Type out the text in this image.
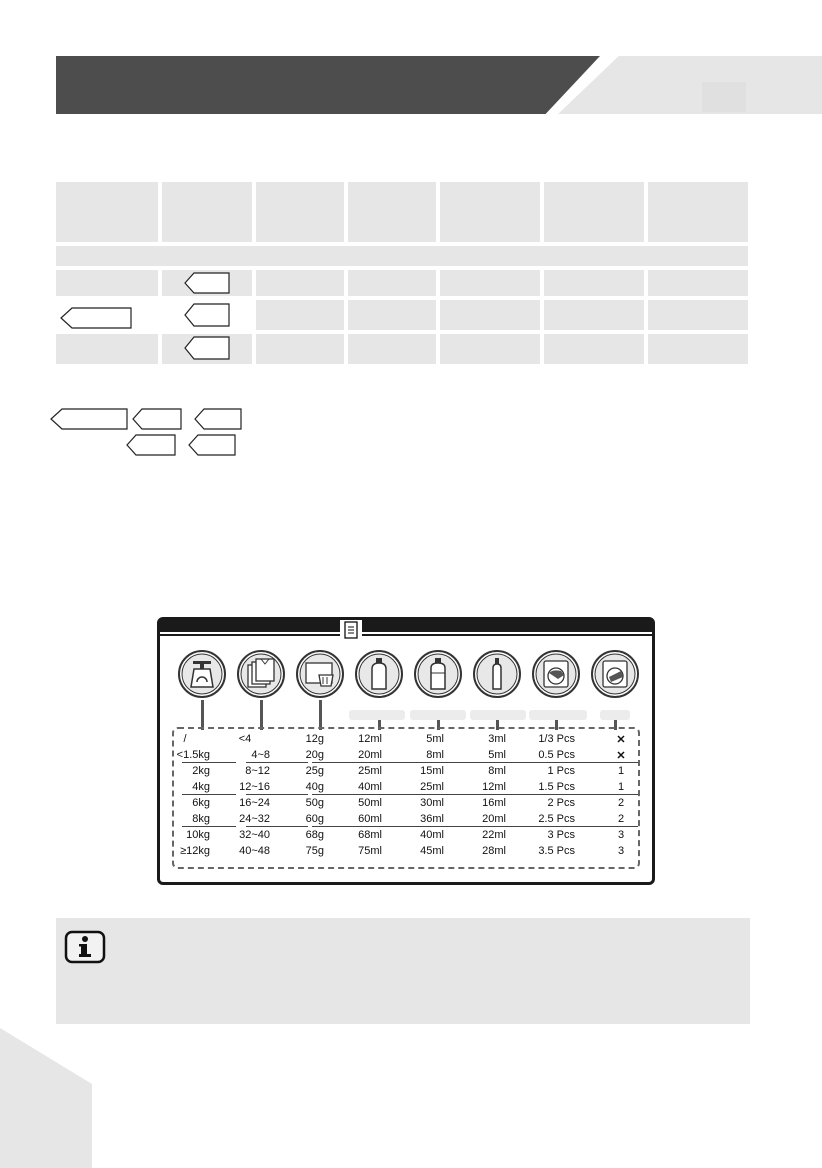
/	<4	12g	12ml	5ml	3ml	1/3 Pcs	✕
<1.5kg	4~8	20g	20ml	8ml	5ml	0.5 Pcs	✕
2kg	8~12	25g	25ml	15ml	8ml	1 Pcs	1
4kg	12~16	40g	40ml	25ml	12ml	1.5 Pcs	1
6kg	16~24	50g	50ml	30ml	16ml	2 Pcs	2
8kg	24~32	60g	60ml	36ml	20ml	2.5 Pcs	2
10kg	32~40	68g	68ml	40ml	22ml	3 Pcs	3
≥12kg	40~48	75g	75ml	45ml	28ml	3.5 Pcs	3
